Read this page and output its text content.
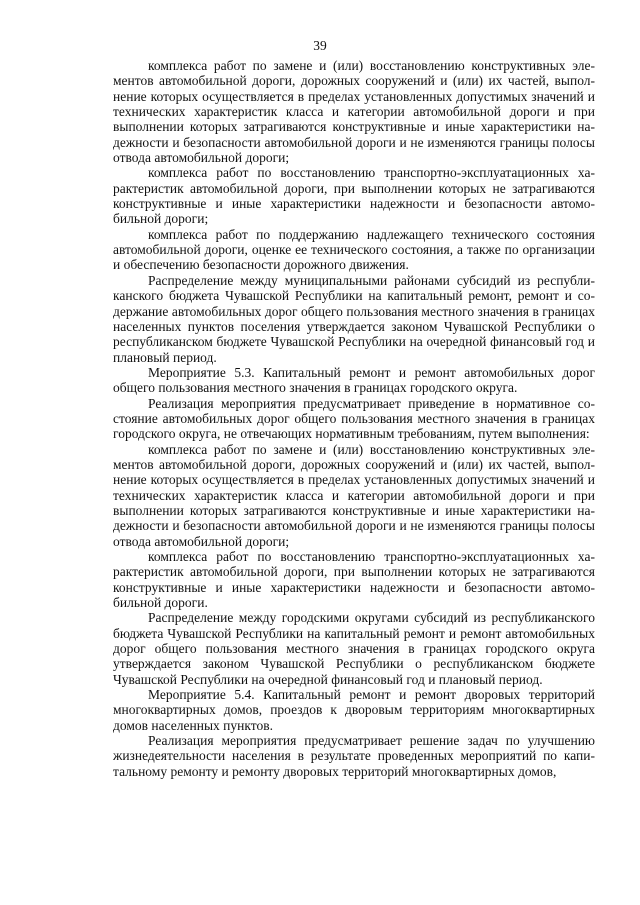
39

комплекса работ по замене и (или) восстановлению конструктивных элементов автомобильной дороги, дорожных сооружений и (или) их частей, выполнение которых осуществляется в пределах установленных допустимых значений и технических характеристик класса и категории автомобильной дороги и при выполнении которых затрагиваются конструктивные и иные характеристики надежности и безопасности автомобильной дороги и не изменяются границы полосы отвода автомобильной дороги;

комплекса работ по восстановлению транспортно-эксплуатационных характеристик автомобильной дороги, при выполнении которых не затрагиваются конструктивные и иные характеристики надежности и безопасности автомобильной дороги;

комплекса работ по поддержанию надлежащего технического состояния автомобильной дороги, оценке ее технического состояния, а также по организации и обеспечению безопасности дорожного движения.

Распределение между муниципальными районами субсидий из республиканского бюджета Чувашской Республики на капитальный ремонт, ремонт и содержание автомобильных дорог общего пользования местного значения в границах населенных пунктов поселения утверждается законом Чувашской Республики о республиканском бюджете Чувашской Республики на очередной финансовый год и плановый период.

Мероприятие 5.3. Капитальный ремонт и ремонт автомобильных дорог общего пользования местного значения в границах городского округа.

Реализация мероприятия предусматривает приведение в нормативное состояние автомобильных дорог общего пользования местного значения в границах городского округа, не отвечающих нормативным требованиям, путем выполнения:

комплекса работ по замене и (или) восстановлению конструктивных элементов автомобильной дороги, дорожных сооружений и (или) их частей, выполнение которых осуществляется в пределах установленных допустимых значений и технических характеристик класса и категории автомобильной дороги и при выполнении которых затрагиваются конструктивные и иные характеристики надежности и безопасности автомобильной дороги и не изменяются границы полосы отвода автомобильной дороги;

комплекса работ по восстановлению транспортно-эксплуатационных характеристик автомобильной дороги, при выполнении которых не затрагиваются конструктивные и иные характеристики надежности и безопасности автомобильной дороги.

Распределение между городскими округами субсидий из республиканского бюджета Чувашской Республики на капитальный ремонт и ремонт автомобильных дорог общего пользования местного значения в границах городского округа утверждается законом Чувашской Республики о республиканском бюджете Чувашской Республики на очередной финансовый год и плановый период.

Мероприятие 5.4. Капитальный ремонт и ремонт дворовых территорий многоквартирных домов, проездов к дворовым территориям многоквартирных домов населенных пунктов.

Реализация мероприятия предусматривает решение задач по улучшению жизнедеятельности населения в результате проведенных мероприятий по капитальному ремонту и ремонту дворовых территорий многоквартирных домов,
